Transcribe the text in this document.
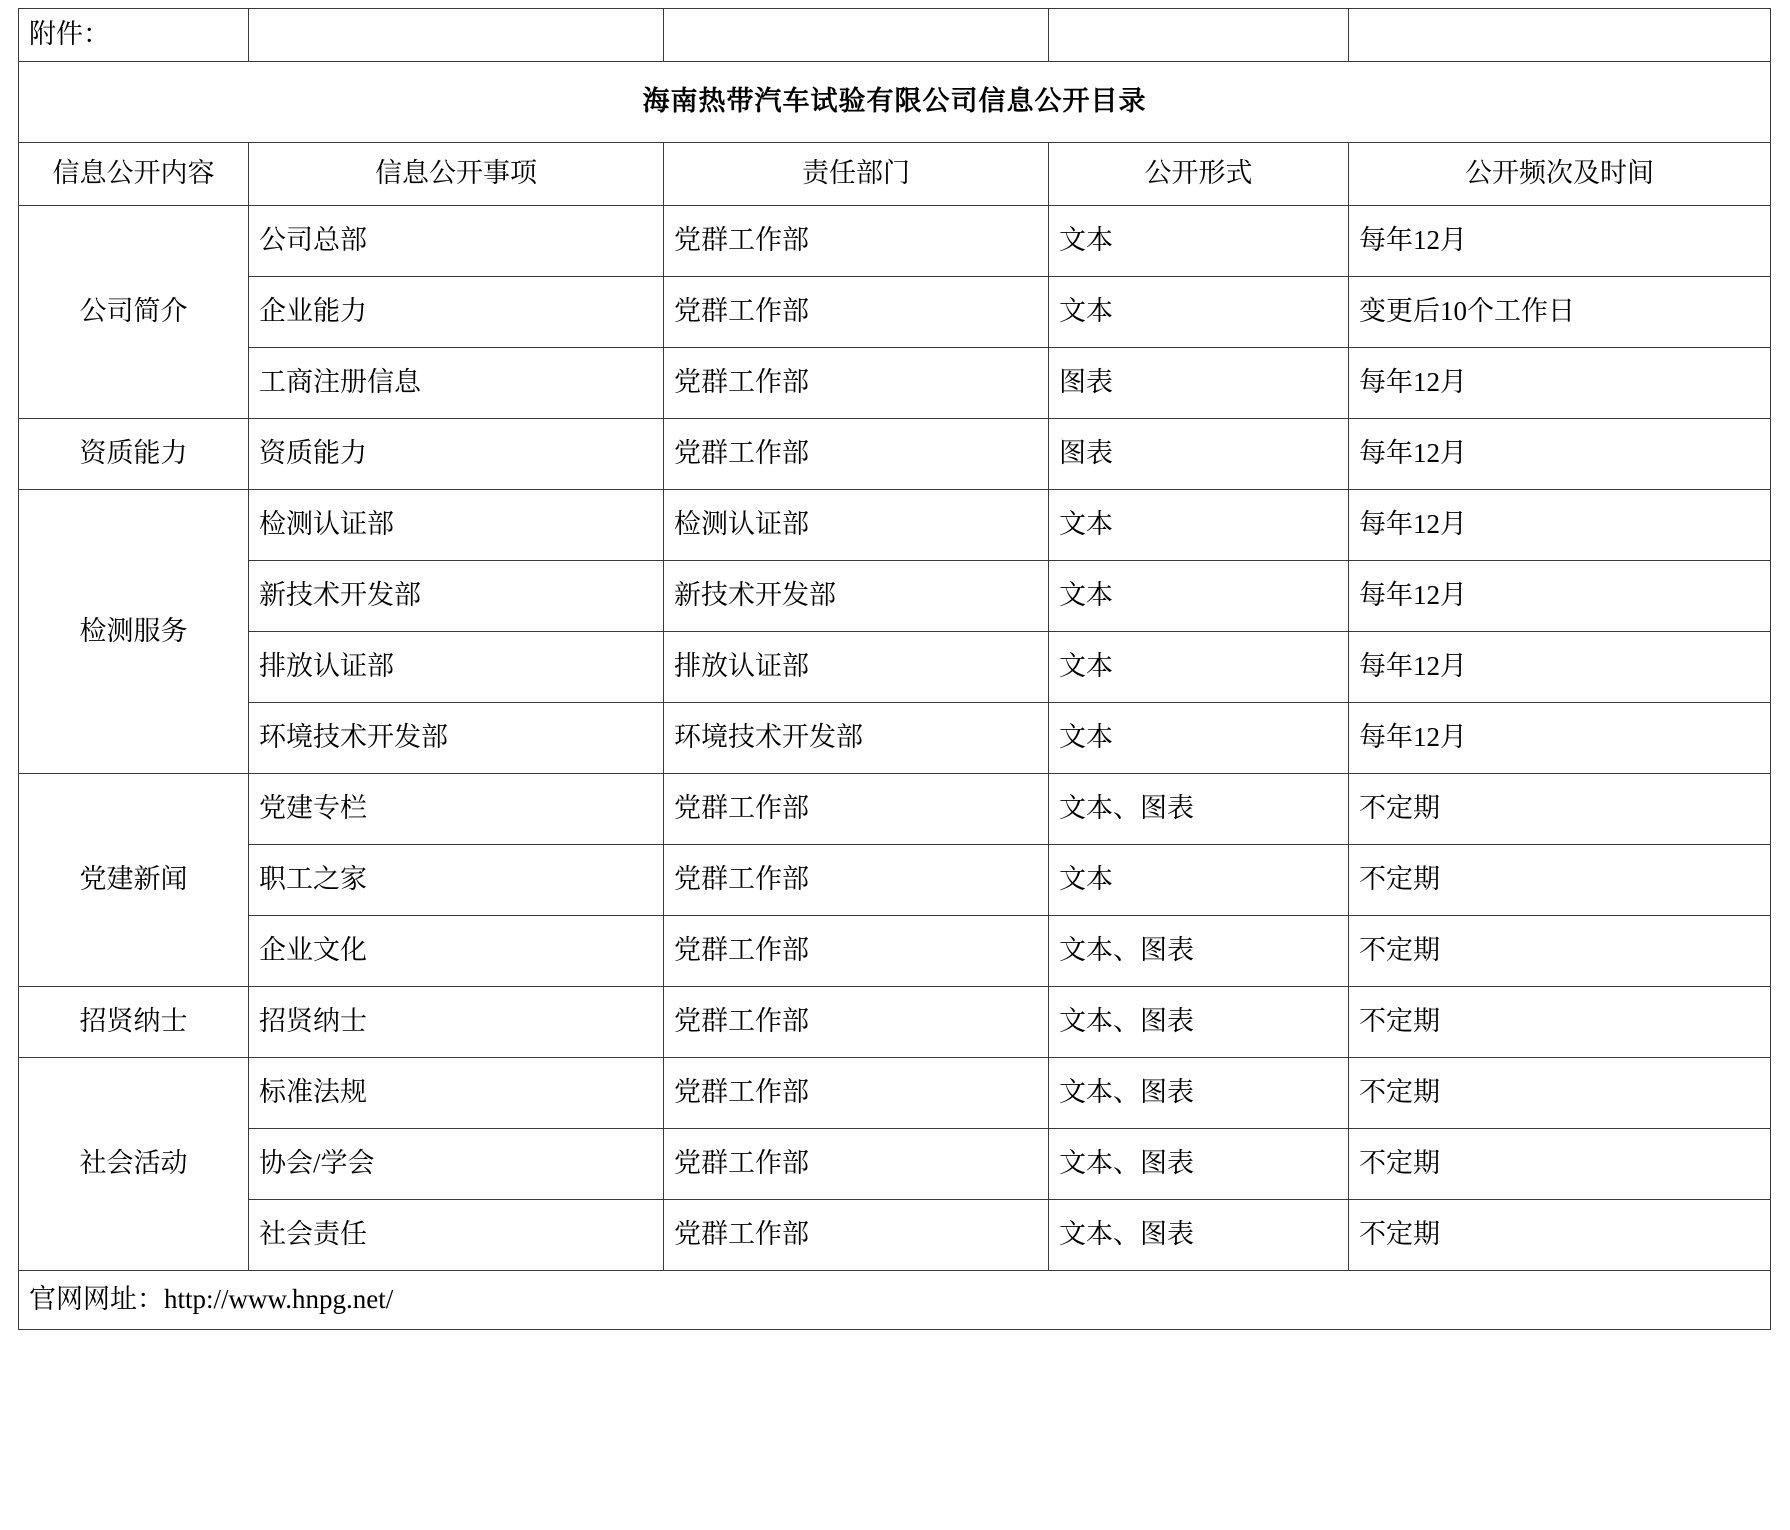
附件：				
海南热带汽车试验有限公司信息公开目录				
信息公开内容	信息公开事项	责任部门	公开形式	公开频次及时间
公司简介	公司总部	党群工作部	文本	每年12月
	企业能力	党群工作部	文本	变更后10个工作日
	工商注册信息	党群工作部	图表	每年12月
资质能力	资质能力	党群工作部	图表	每年12月
检测服务	检测认证部	检测认证部	文本	每年12月
	新技术开发部	新技术开发部	文本	每年12月
	排放认证部	排放认证部	文本	每年12月
	环境技术开发部	环境技术开发部	文本	每年12月
党建新闻	党建专栏	党群工作部	文本、图表	不定期
	职工之家	党群工作部	文本	不定期
	企业文化	党群工作部	文本、图表	不定期
招贤纳士	招贤纳士	党群工作部	文本、图表	不定期
社会活动	标准法规	党群工作部	文本、图表	不定期
	协会/学会	党群工作部	文本、图表	不定期
	社会责任	党群工作部	文本、图表	不定期
官网网址：http://www.hnpg.net/				
